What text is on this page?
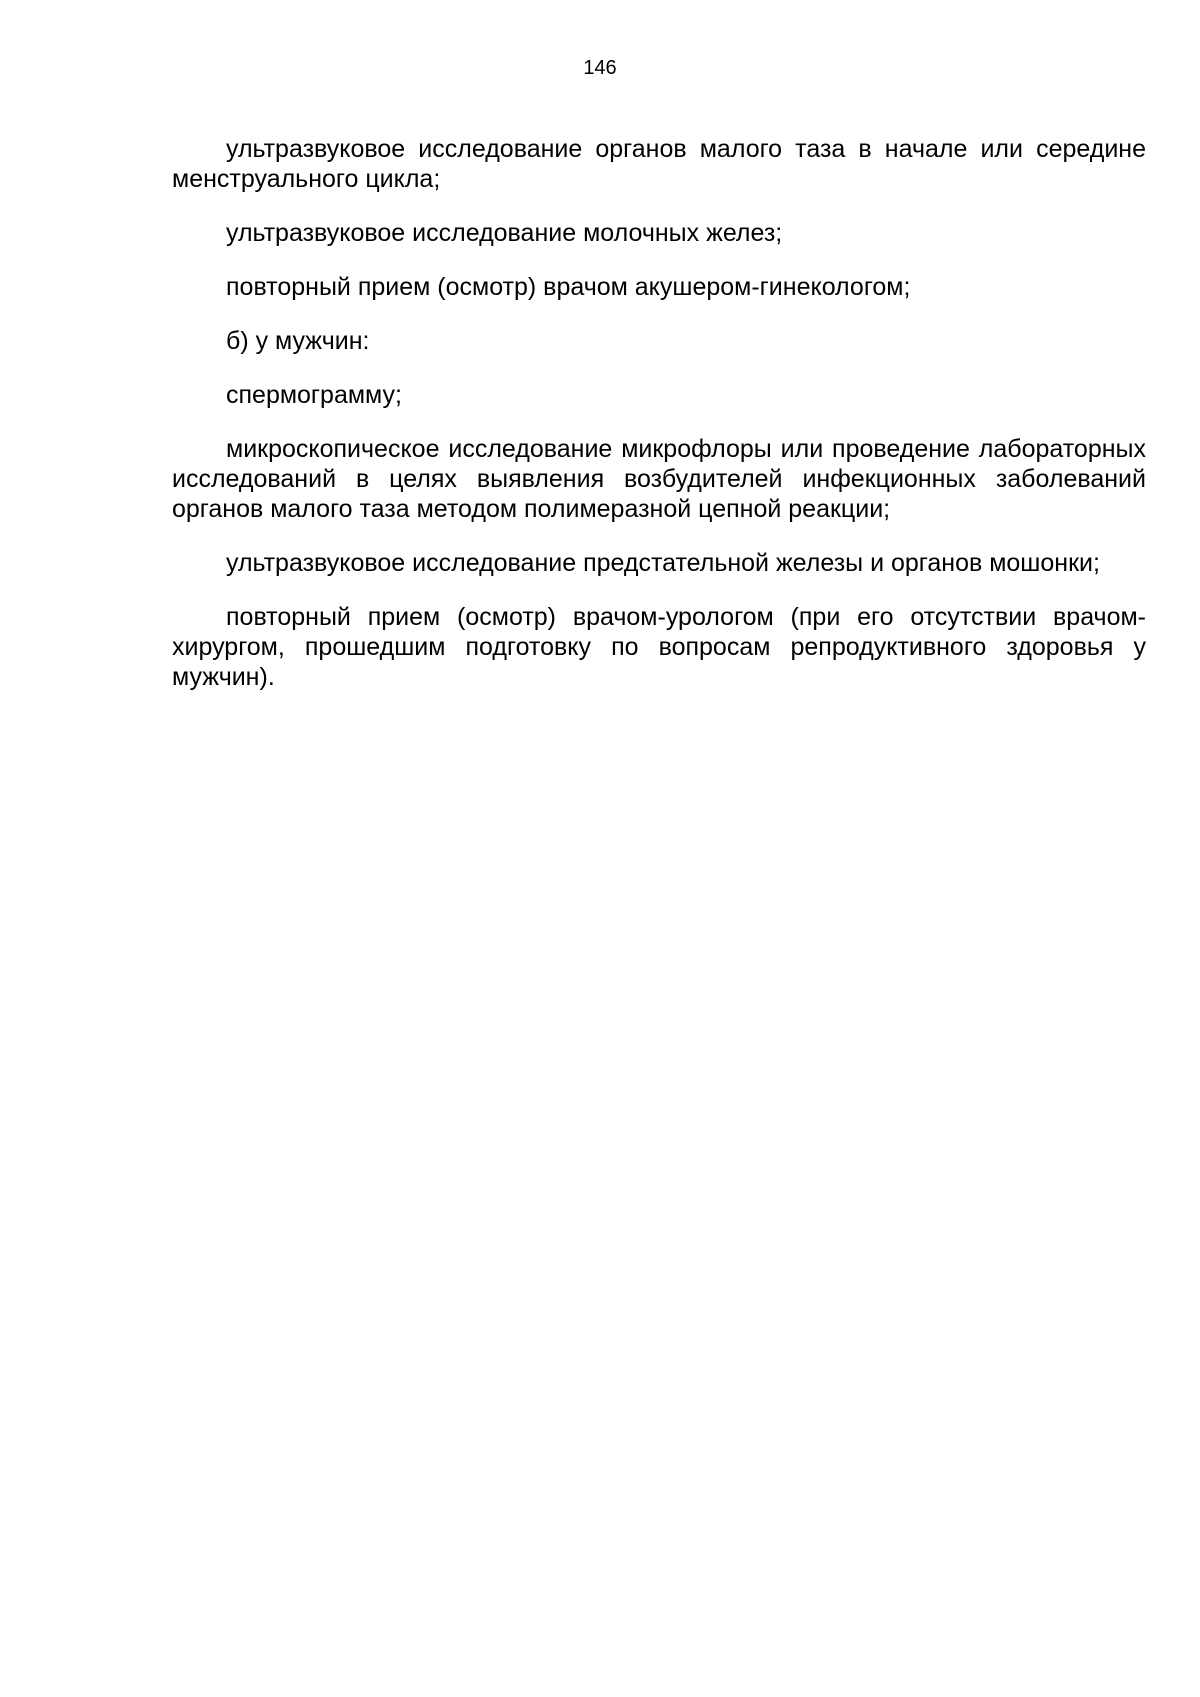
146

ультразвуковое исследование органов малого таза в начале или середине менструального цикла;

ультразвуковое исследование молочных желез;

повторный прием (осмотр) врачом акушером-гинекологом;

б) у мужчин:

спермограмму;

микроскопическое исследование микрофлоры или проведение лабораторных исследований в целях выявления возбудителей инфекционных заболеваний органов малого таза методом полимеразной цепной реакции;

ультразвуковое исследование предстательной железы и органов мошонки;

повторный прием (осмотр) врачом-урологом (при его отсутствии врачом-хирургом, прошедшим подготовку по вопросам репродуктивного здоровья у мужчин).
